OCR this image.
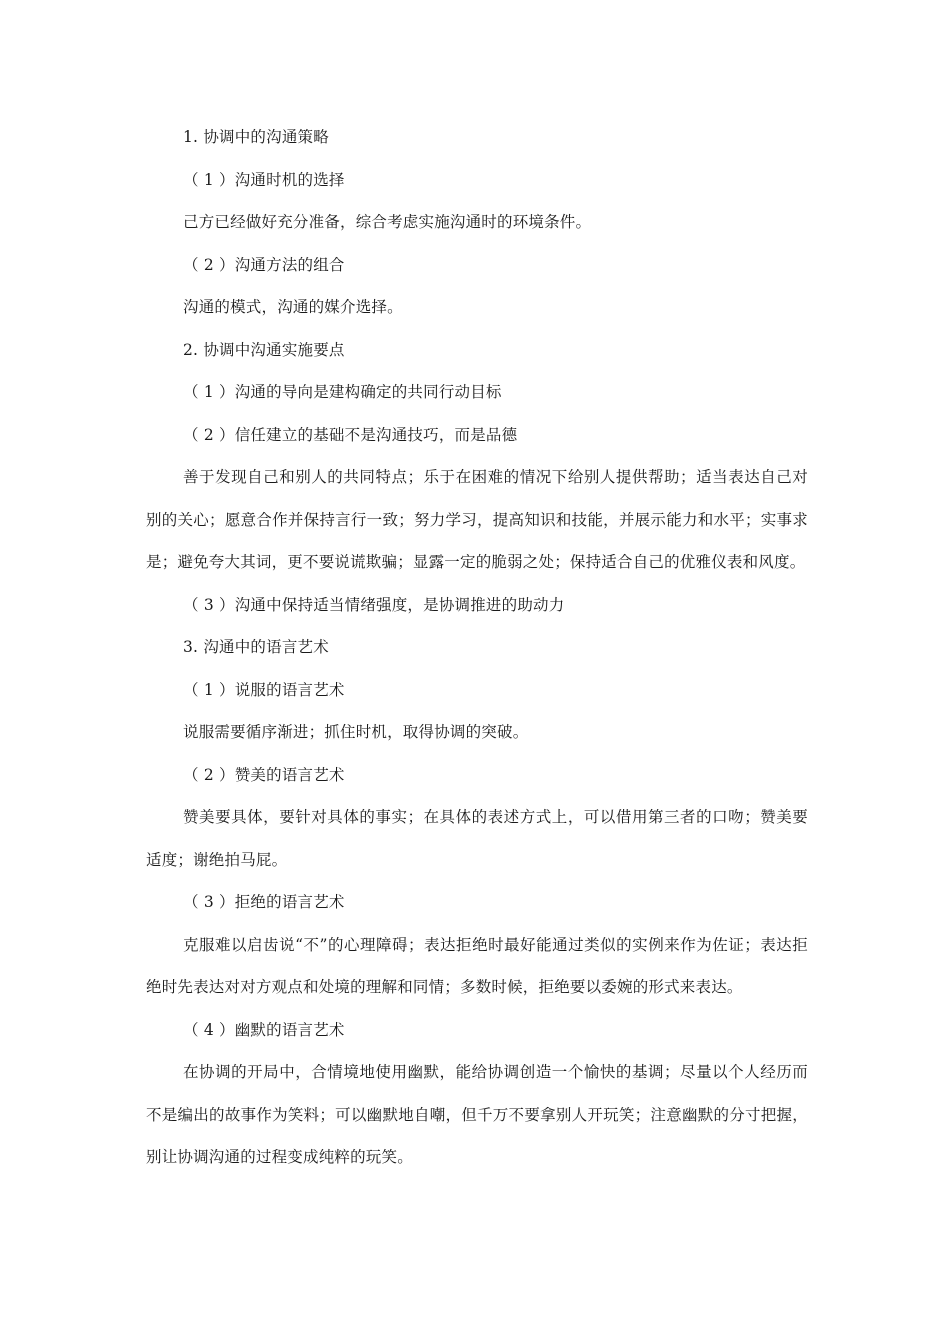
1. 协调中的沟通策略

（ 1 ）沟通时机的选择

己方已经做好充分准备，综合考虑实施沟通时的环境条件。

（ 2 ）沟通方法的组合

沟通的模式，沟通的媒介选择。

2. 协调中沟通实施要点

（ 1 ）沟通的导向是建构确定的共同行动目标

（ 2 ）信任建立的基础不是沟通技巧，而是品德

善于发现自己和别人的共同特点；乐于在困难的情况下给别人提供帮助；适当表达自己对别的关心；愿意合作并保持言行一致；努力学习，提高知识和技能，并展示能力和水平；实事求是；避免夸大其词，更不要说谎欺骗；显露一定的脆弱之处；保持适合自己的优雅仪表和风度。

（ 3 ）沟通中保持适当情绪强度，是协调推进的助动力

3. 沟通中的语言艺术

（ 1 ）说服的语言艺术

说服需要循序渐进；抓住时机，取得协调的突破。

（ 2 ）赞美的语言艺术

赞美要具体，要针对具体的事实；在具体的表述方式上，可以借用第三者的口吻；赞美要适度；谢绝拍马屁。

（ 3 ）拒绝的语言艺术

克服难以启齿说“不”的心理障碍；表达拒绝时最好能通过类似的实例来作为佐证；表达拒绝时先表达对对方观点和处境的理解和同情；多数时候，拒绝要以委婉的形式来表达。

（ 4 ）幽默的语言艺术

在协调的开局中，合情境地使用幽默，能给协调创造一个愉快的基调；尽量以个人经历而不是编出的故事作为笑料；可以幽默地自嘲，但千万不要拿别人开玩笑；注意幽默的分寸把握，别让协调沟通的过程变成纯粹的玩笑。
